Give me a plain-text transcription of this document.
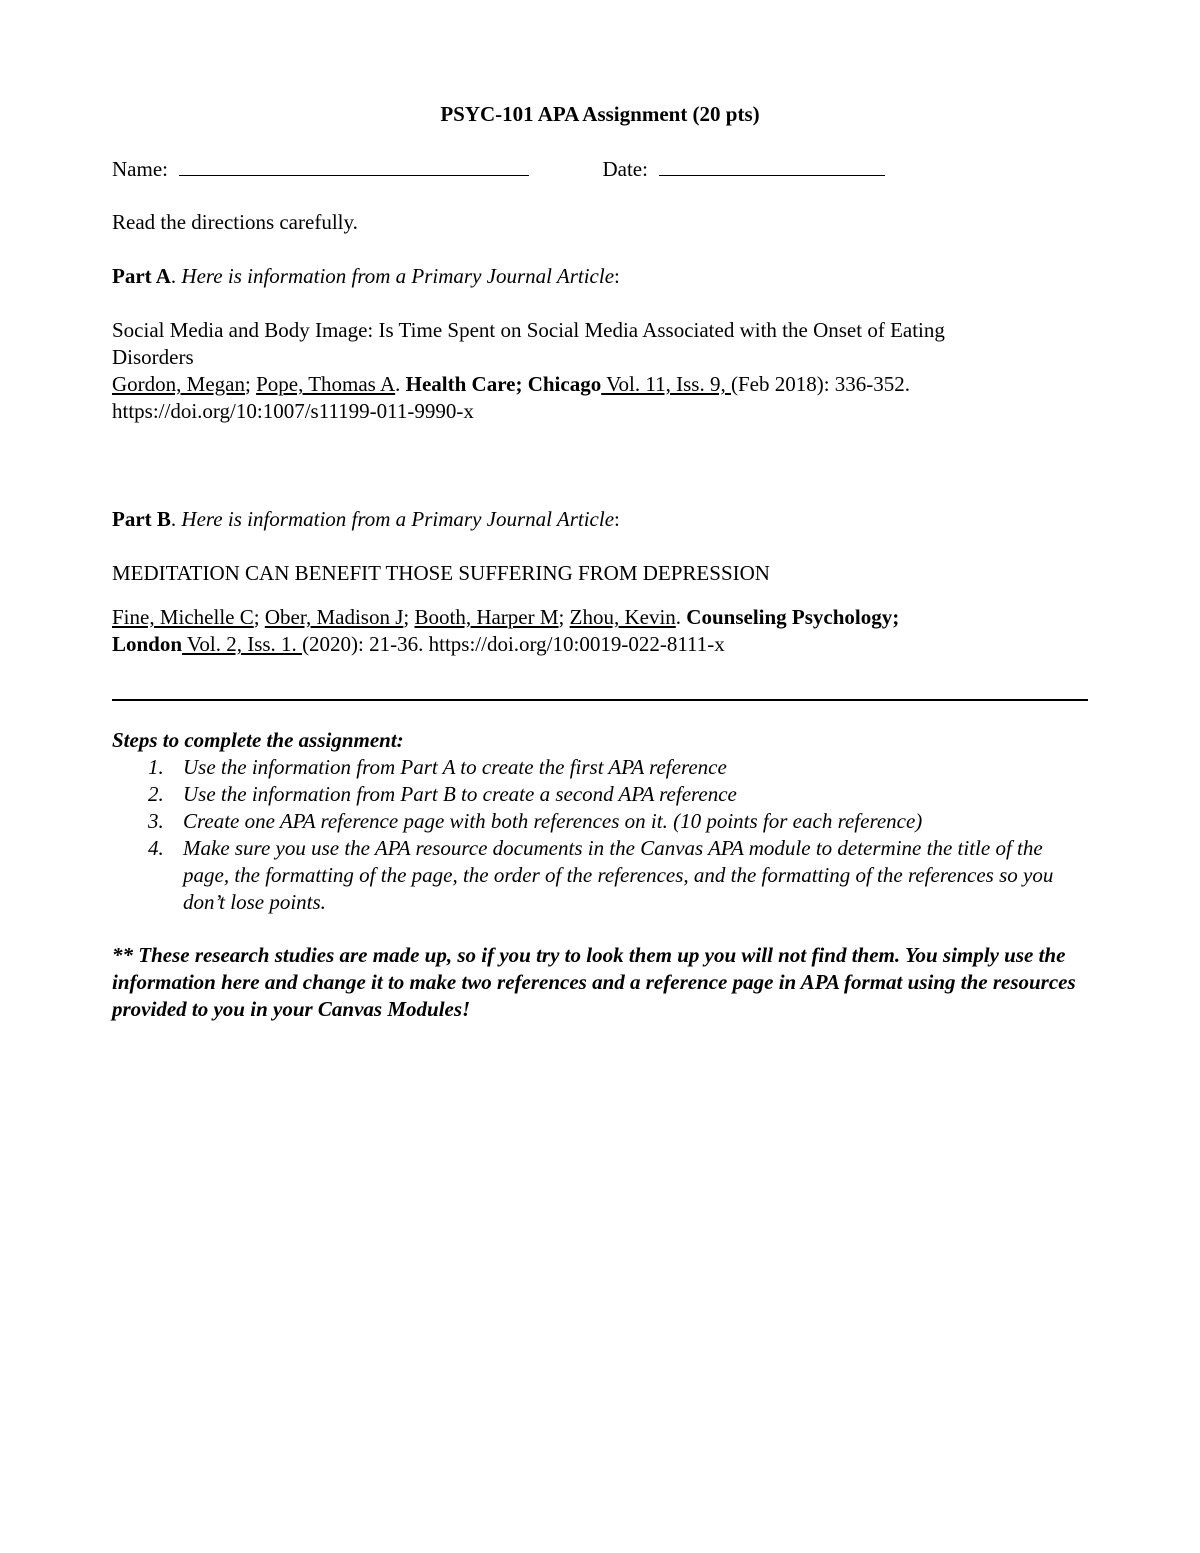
PSYC-101 APA Assignment (20 pts)
Name:	Date:
Read the directions carefully.
Part A. Here is information from a Primary Journal Article:
Social Media and Body Image: Is Time Spent on Social Media Associated with the Onset of Eating
Disorders
Gordon, Megan; Pope, Thomas A. Health Care; Chicago Vol. 11, Iss. 9, (Feb 2018): 336-352.
https://doi.org/10:1007/s11199-011-9990-x
Part B. Here is information from a Primary Journal Article:
MEDITATION CAN BENEFIT THOSE SUFFERING FROM DEPRESSION
Fine, Michelle C; Ober, Madison J; Booth, Harper M; Zhou, Kevin. Counseling Psychology;
London Vol. 2, Iss. 1. (2020): 21-36. https://doi.org/10:0019-022-8111-x
Steps to complete the assignment:
1. Use the information from Part A to create the first APA reference
2. Use the information from Part B to create a second APA reference
3. Create one APA reference page with both references on it. (10 points for each reference)
4. Make sure you use the APA resource documents in the Canvas APA module to determine the title of the page, the formatting of the page, the order of the references, and the formatting of the references so you don’t lose points.
** These research studies are made up, so if you try to look them up you will not find them. You simply use the information here and change it to make two references and a reference page in APA format using the resources provided to you in your Canvas Modules!
